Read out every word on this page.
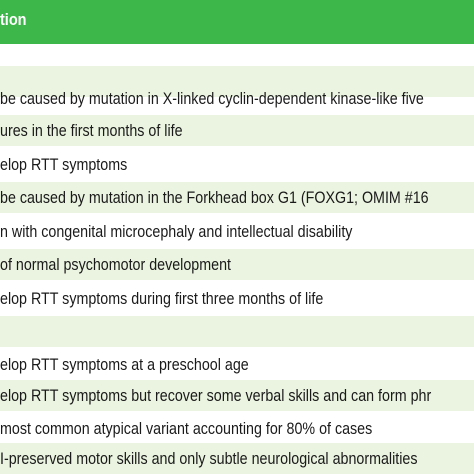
tion
be caused by mutation in X-linked cyclin-dependent kinase-like five
ures in the first months of life
elop RTT symptoms
be caused by mutation in the Forkhead box G1 (FOXG1; OMIM #16
n with congenital microcephaly and intellectual disability
of normal psychomotor development
elop RTT symptoms during first three months of life
elop RTT symptoms at a preschool age
elop RTT symptoms but recover some verbal skills and can form phr
most common atypical variant accounting for 80% of cases
I-preserved motor skills and only subtle neurological abnormalities
